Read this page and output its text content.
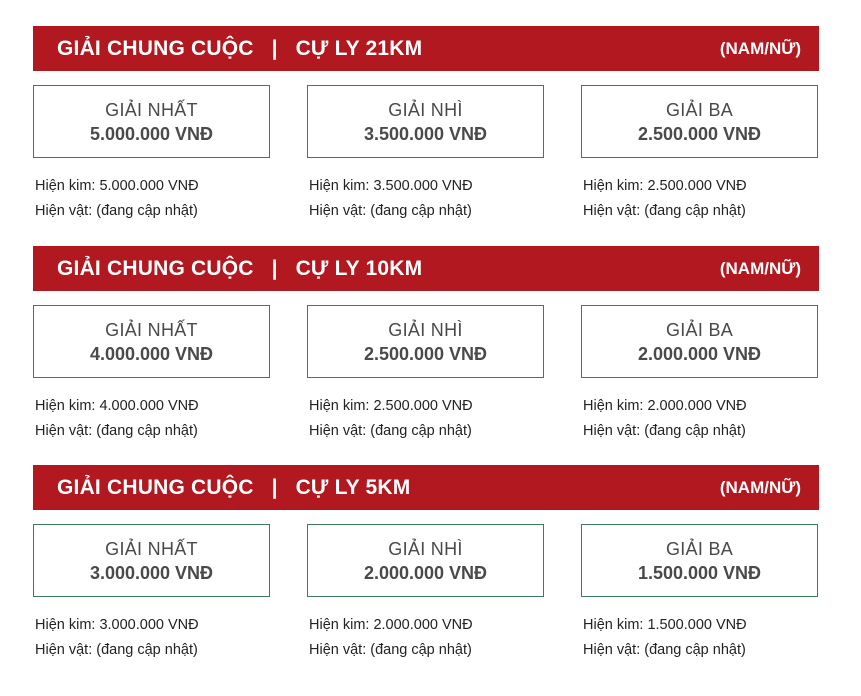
GIẢI CHUNG CUỘC | CỰ LY 21KM	(NAM/NỮ)
GIẢI NHẤT
5.000.000 VNĐ
GIẢI NHÌ
3.500.000 VNĐ
GIẢI BA
2.500.000 VNĐ
Hiện kim: 5.000.000 VNĐ
Hiện vật: (đang cập nhật)
Hiện kim: 3.500.000 VNĐ
Hiện vật: (đang cập nhật)
Hiện kim: 2.500.000 VNĐ
Hiện vật: (đang cập nhật)
GIẢI CHUNG CUỘC | CỰ LY 10KM	(NAM/NỮ)
GIẢI NHẤT
4.000.000 VNĐ
GIẢI NHÌ
2.500.000 VNĐ
GIẢI BA
2.000.000 VNĐ
Hiện kim: 4.000.000 VNĐ
Hiện vật: (đang cập nhật)
Hiện kim: 2.500.000 VNĐ
Hiện vật: (đang cập nhật)
Hiện kim: 2.000.000 VNĐ
Hiện vật: (đang cập nhật)
GIẢI CHUNG CUỘC | CỰ LY 5KM	(NAM/NỮ)
GIẢI NHẤT
3.000.000 VNĐ
GIẢI NHÌ
2.000.000 VNĐ
GIẢI BA
1.500.000 VNĐ
Hiện kim: 3.000.000 VNĐ
Hiện vật: (đang cập nhật)
Hiện kim: 2.000.000 VNĐ
Hiện vật: (đang cập nhật)
Hiện kim: 1.500.000 VNĐ
Hiện vật: (đang cập nhật)
